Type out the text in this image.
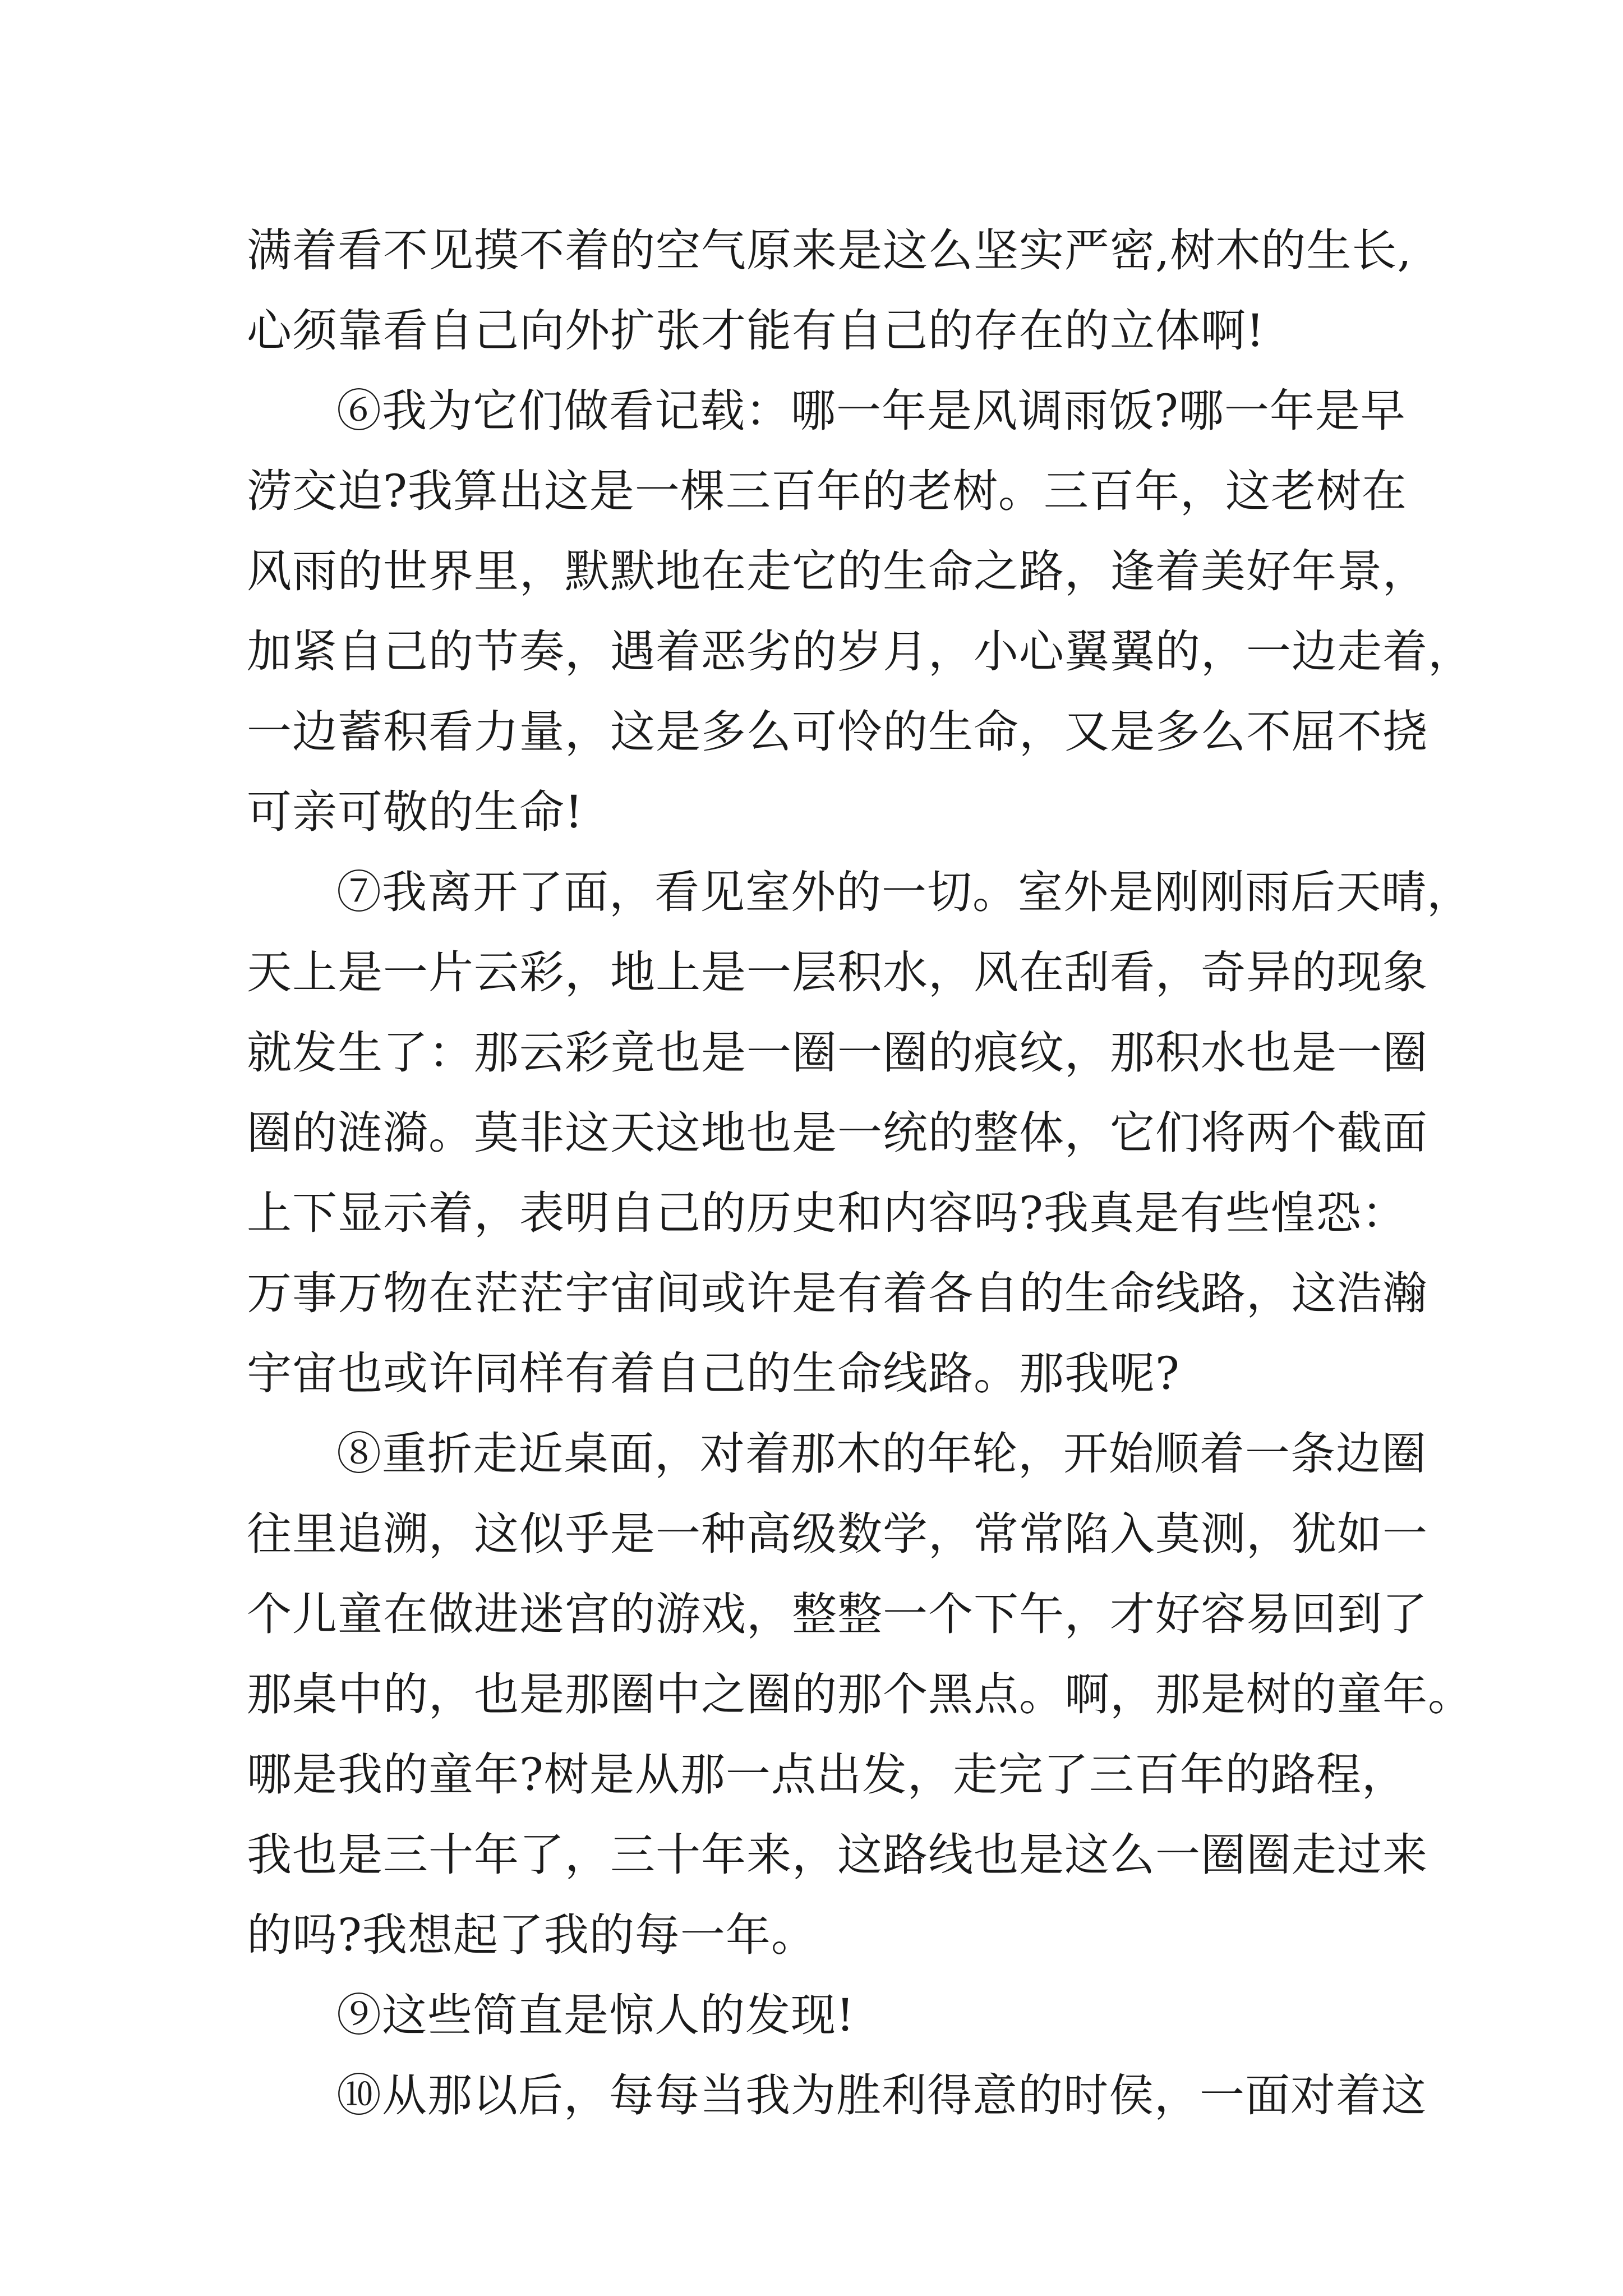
满着看不见摸不着的空气原来是这么坚实严密,树木的生长,
心须靠看自己向外扩张才能有自己的存在的立体啊!
⑥我为它们做看记载：哪一年是风调雨饭?哪一年是早
涝交迫?我算出这是一棵三百年的老树。三百年，这老树在
风雨的世界里，默默地在走它的生命之路，逢着美好年景，
加紧自己的节奏，遇着恶劣的岁月，小心翼翼的，一边走着，
一边蓄积看力量，这是多么可怜的生命，又是多么不屈不挠
可亲可敬的生命!
⑦我离开了面，看见室外的一切。室外是刚刚雨后天晴，
天上是一片云彩，地上是一层积水，风在刮看，奇异的现象
就发生了：那云彩竟也是一圈一圈的痕纹，那积水也是一圈
圈的涟漪。莫非这天这地也是一统的整体，它们将两个截面
上下显示着，表明自己的历史和内容吗?我真是有些惶恐：
万事万物在茫茫宇宙间或许是有着各自的生命线路，这浩瀚
宇宙也或许同样有着自己的生命线路。那我呢?
⑧重折走近桌面，对着那木的年轮，开始顺着一条边圈
往里追溯，这似乎是一种高级数学，常常陷入莫测，犹如一
个儿童在做进迷宫的游戏，整整一个下午，才好容易回到了
那桌中的，也是那圈中之圈的那个黑点。啊，那是树的童年。
哪是我的童年?树是从那一点出发，走完了三百年的路程，
我也是三十年了，三十年来，这路线也是这么一圈圈走过来
的吗?我想起了我的每一年。
⑨这些简直是惊人的发现!
⑩从那以后，每每当我为胜利得意的时侯，一面对着这
